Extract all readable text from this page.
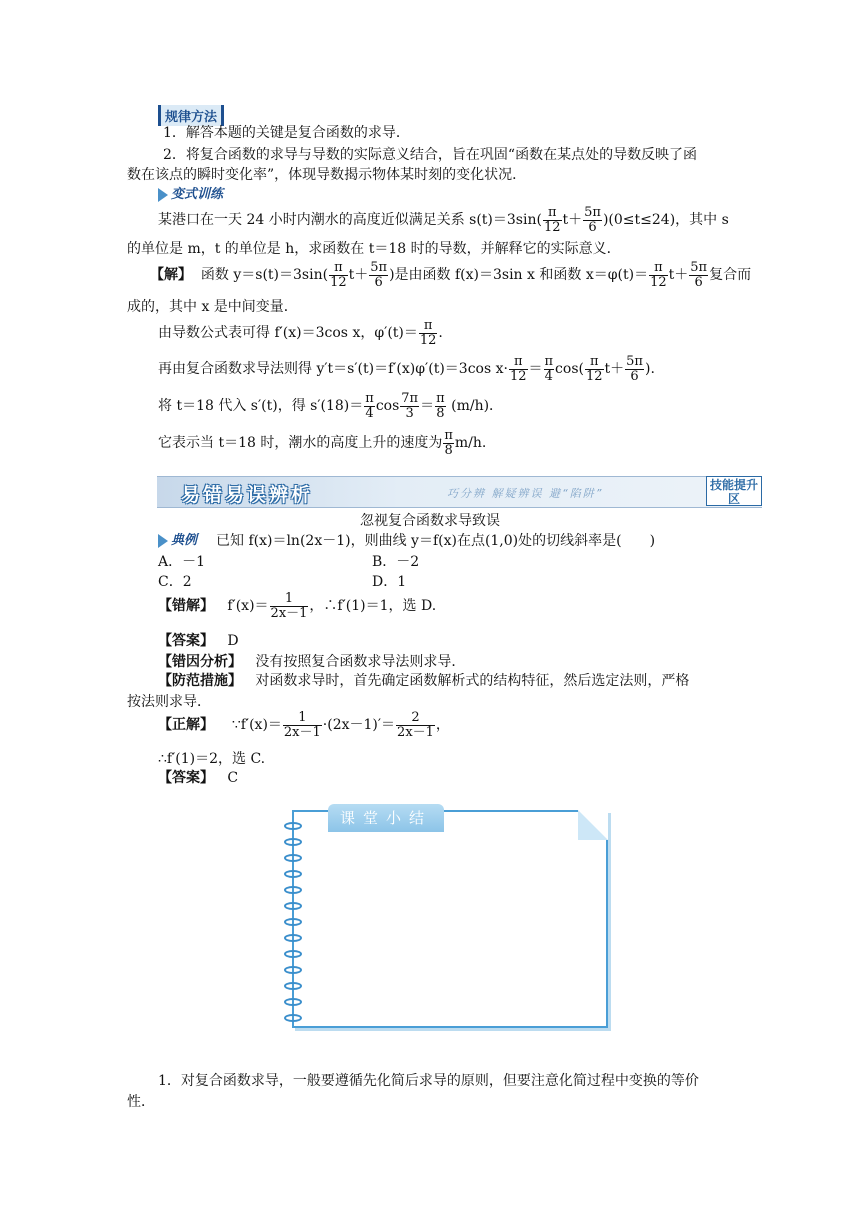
规律方法
1．解答本题的关键是复合函数的求导．
2．将复合函数的求导与导数的实际意义结合，旨在巩固“函数在某点处的导数反映了函
数在该点的瞬时变化率”，体现导数揭示物体某时刻的变化状况．
变式训练
某港口在一天 24 小时内潮水的高度近似满足关系 $s(t)=3\sin( \frac{\pi}{12} t+ \frac{5\pi}{6} )(0\le t\le 24)$，其中 s
的单位是 m，t 的单位是 h，求函数在 t＝18 时的导数，并解释它的实际意义．
【解】 函数 $y=s(t)=3\sin( \frac{\pi}{12} t+ \frac{5\pi}{6}$ )是由函数 f(x)＝3sin x 和函数 $x=\varphi(t)= \frac{\pi}{12} t+ \frac{5\pi}{6}$ 复合而
成的，其中 x 是中间变量．
由导数公式表可得 f′(x)＝3cos x，$\varphi'(t)= \frac{\pi}{12}$ .
再由复合函数求导法则得 y′t＝s′(t)＝f′(x)φ′(t)＝3cos $x\cdot \frac{\pi}{12} = \frac{\pi}{4} \cos( \frac{\pi}{12} t+ \frac{5\pi}{6}$ ).
将 t＝18 代入 s′(t)，得 $s'(18)= \frac{\pi}{4}$ $\cos \frac{7\pi}{3} = \frac{\pi}{8} (m/h)$．
它表示当 t＝18 时，潮水的高度上升的速度为 $\frac{\pi}{8} m/h$.
易错易误辨析	巧分辨 解疑辨误 避“陷阱”
技能提升区
忽视复合函数求导致误
典例 已知 f(x)＝ln(2x－1)，则曲线 y＝f(x)在点(1,0)处的切线斜率是(　　)
A．－1	B．－2
C．2	D．1
【错解】 $f'(x)= \frac{1}{2x-1}$ ，∴f′(1)＝1，选 D.
【答案】 D
【错因分析】 没有按照复合函数求导法则求导．
【防范措施】 对函数求导时，首先确定函数解析式的结构特征，然后选定法则，严格
按法则求导．
【正解】 ∵f′(x)＝ $\frac{1}{2x-1} \cdot(2x-1)'= \frac{2}{2x-1}$ ，
∴f′(1)＝2，选 C.
【答案】 C
课堂小结
1．对复合函数求导，一般要遵循先化简后求导的原则，但要注意化简过程中变换的等价
性．
